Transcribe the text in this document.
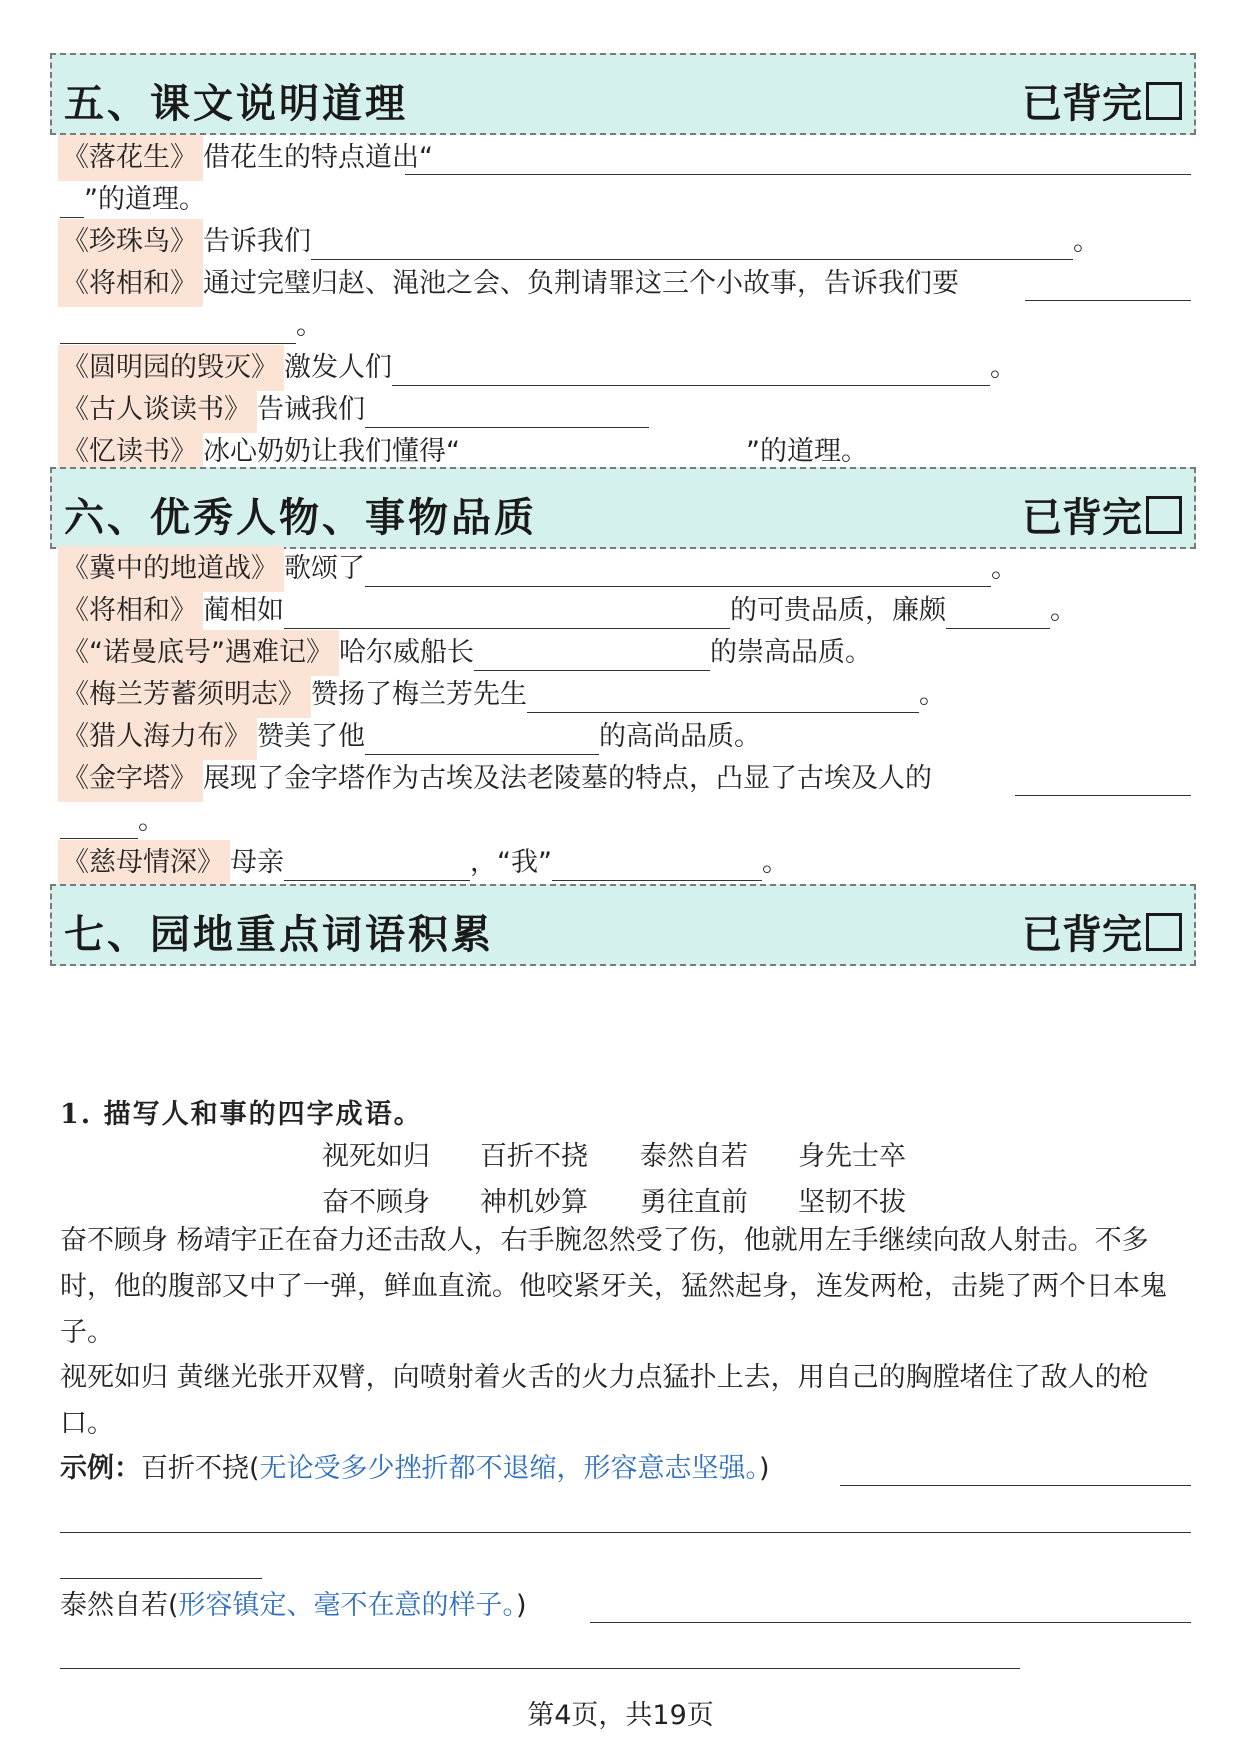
五、课文说明道理	已背完
《落花生》 借花生的特点道出“
”的道理。
《珍珠鸟》 告诉我们	。
《将相和》 通过完璧归赵、渑池之会、负荆请罪这三个小故事，告诉我们要
。
《圆明园的毁灭》 激发人们	。
《古人谈读书》 告诫我们
《忆读书》 冰心奶奶让我们懂得“	”的道理。
六、优秀人物、事物品质	已背完
《冀中的地道战》 歌颂了	。
《将相和》 蔺相如	的可贵品质，廉颇	。
《“诺曼底号”遇难记》 哈尔威船长	的崇高品质。
《梅兰芳蓄须明志》 赞扬了梅兰芳先生	。
《猎人海力布》 赞美了他	的高尚品质。
《金字塔》 展现了金字塔作为古埃及法老陵墓的特点，凸显了古埃及人的
。
《慈母情深》 母亲	，“我”	。
七、园地重点词语积累	已背完
1. 描写人和事的四字成语。
视死如归 百折不挠 泰然自若 身先士卒
奋不顾身 神机妙算 勇往直前 坚韧不拔
奋不顾身 杨靖宇正在奋力还击敌人，右手腕忽然受了伤，他就用左手继续向敌人射击。不多时，他的腹部又中了一弹，鲜血直流。他咬紧牙关，猛然起身，连发两枪，击毙了两个日本鬼子。
视死如归 黄继光张开双臂，向喷射着火舌的火力点猛扑上去，用自己的胸膛堵住了敌人的枪口。
示例：百折不挠(无论受多少挫折都不退缩，形容意志坚强。)
泰然自若(形容镇定、毫不在意的样子。)
第4页，共19页
